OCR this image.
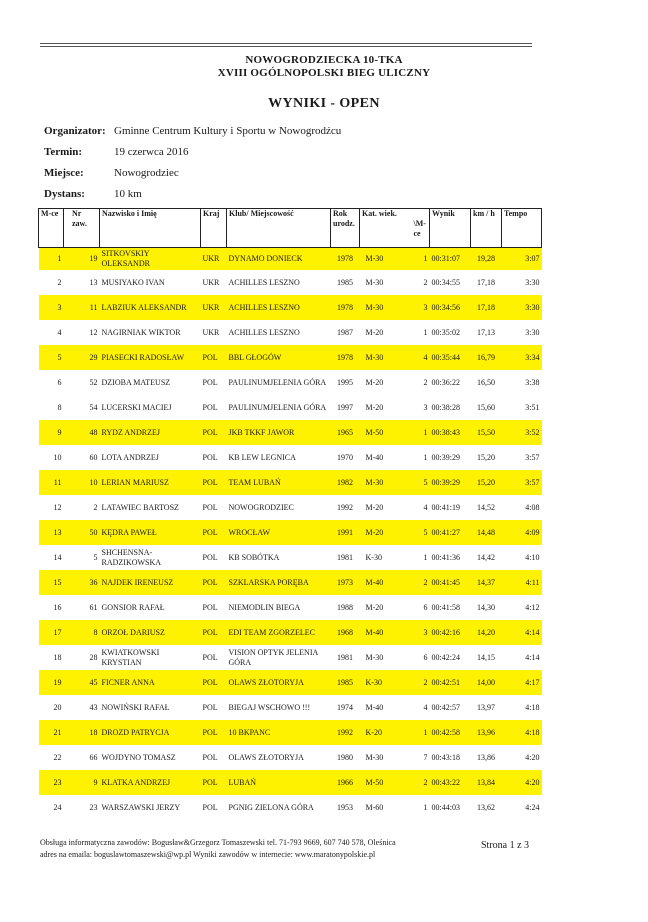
NOWOGRODZIECKA 10-TKA
XVIII OGÓLNOPOLSKI BIEG ULICZNY
WYNIKI - OPEN
Organizator: Gminne Centrum Kultury i Sportu w Nowogrodźcu
Termin:	19 czerwca 2016
Miejsce:	Nowogrodziec
Dystans:	10 km
M-ce	Nr zaw.	Nazwisko i Imię	Kraj	Klub/ Miejscowość	Rok urodz.	Kat. wiek.	\M-ce	Wynik	km / h	Tempo
1	19	SITKOVSKIY OLEKSANDR	UKR	DYNAMO DONIECK	1978	M-30	1	00:31:07	19,28	3:07
2	13	MUSIYAKO IVAN	UKR	ACHILLES LESZNO	1985	M-30	2	00:34:55	17,18	3:30
3	11	LABZIUK ALEKSANDR	UKR	ACHILLES LESZNO	1978	M-30	3	00:34:56	17,18	3:30
4	12	NAGIRNIAK WIKTOR	UKR	ACHILLES LESZNO	1987	M-20	1	00:35:02	17,13	3:30
5	29	PIASECKI RADOSŁAW	POL	BBL GŁOGÓW	1978	M-30	4	00:35:44	16,79	3:34
6	52	DZIOBA MATEUSZ	POL	PAULINUMJELENIA GÓRA	1995	M-20	2	00:36:22	16,50	3:38
8	54	LUCERSKI MACIEJ	POL	PAULINUMJELENIA GÓRA	1997	M-20	3	00:38:28	15,60	3:51
9	48	RYDZ ANDRZEJ	POL	JKB TKKF JAWOR	1965	M-50	1	00:38:43	15,50	3:52
10	60	LOTA ANDRZEJ	POL	KB LEW LEGNICA	1970	M-40	1	00:39:29	15,20	3:57
11	10	LERIAN MARIUSZ	POL	TEAM LUBAŃ	1982	M-30	5	00:39:29	15,20	3:57
12	2	LATAWIEC BARTOSZ	POL	NOWOGRODZIEC	1992	M-20	4	00:41:19	14,52	4:08
13	50	KĘDRA PAWEŁ	POL	WROCŁAW	1991	M-20	5	00:41:27	14,48	4:09
14	5	SHCHENSNA-RADZIKOWSKA	POL	KB SOBÓTKA	1981	K-30	1	00:41:36	14,42	4:10
15	36	NAJDEK IRENEUSZ	POL	SZKLARSKA PORĘBA	1973	M-40	2	00:41:45	14,37	4:11
16	61	GONSIOR RAFAŁ	POL	NIEMODLIN BIEGA	1988	M-20	6	00:41:58	14,30	4:12
17	8	ORZOŁ DARIUSZ	POL	EDI TEAM ZGORZELEC	1968	M-40	3	00:42:16	14,20	4:14
18	28	KWIATKOWSKI KRYSTIAN	POL	VISION OPTYK JELENIA GÓRA	1981	M-30	6	00:42:24	14,15	4:14
19	45	FICNER ANNA	POL	OLAWS ZŁOTORYJA	1985	K-30	2	00:42:51	14,00	4:17
20	43	NOWIŃSKI RAFAŁ	POL	BIEGAJ WSCHOWO !!!	1974	M-40	4	00:42:57	13,97	4:18
21	18	DROZD PATRYCJA	POL	10 BKPANC	1992	K-20	1	00:42:58	13,96	4:18
22	66	WOJDYNO TOMASZ	POL	OLAWS ZŁOTORYJA	1980	M-30	7	00:43:18	13,86	4:20
23	9	KLATKA ANDRZEJ	POL	LUBAŃ	1966	M-50	2	00:43:22	13,84	4:20
24	23	WARSZAWSKI JERZY	POL	PGNIG ZIELONA GÓRA	1953	M-60	1	00:44:03	13,62	4:24
Obsługa informatyczna zawodów: Bogusław&Grzegorz Tomaszewski tel. 71-793 9669, 607 740 578, Oleśnica
adres na emaila: boguslawtomaszewski@wp.pl Wyniki zawodów w internecie: www.maratonypolskie.pl
Strona 1 z 3
